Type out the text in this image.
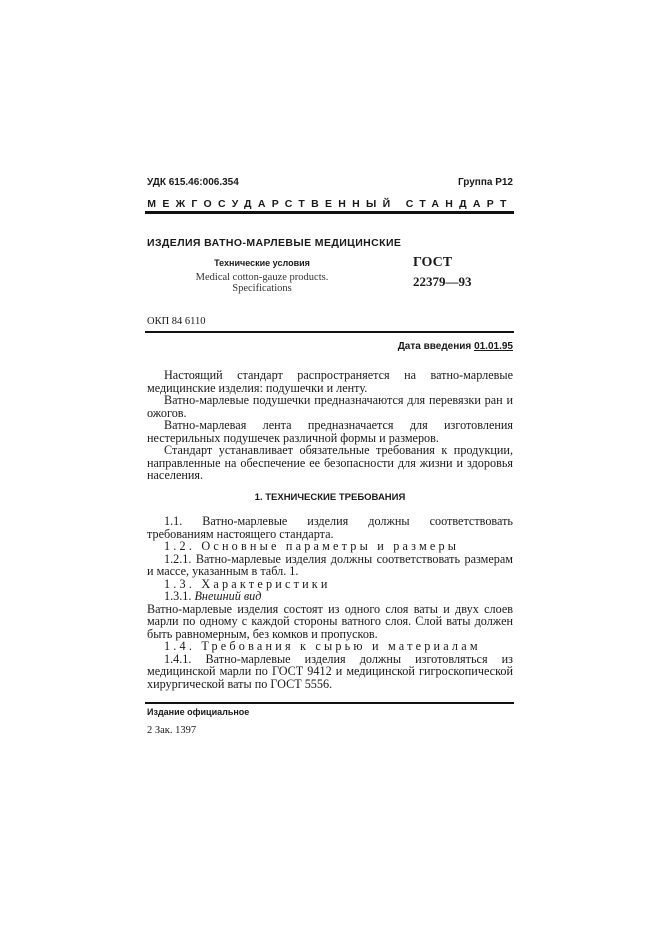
УДК 615.46:006.354	Группа Р12
МЕЖГОСУДАРСТВЕННЫЙ СТАНДАРТ
ИЗДЕЛИЯ ВАТНО-МАРЛЕВЫЕ МЕДИЦИНСКИЕ
Технические условия
Medical cotton-gauze products.
Specifications
ГОСТ
22379—93
ОКП 84 6110
Дата введения 01.01.95

Настоящий стандарт распространяется на ватно-марлевые медицинские изделия: подушечки и ленту.

Ватно-марлевые подушечки предназначаются для перевязки ран и ожогов.

Ватно-марлевая лента предназначается для изготовления нестерильных подушечек различной формы и размеров.

Стандарт устанавливает обязательные требования к продукции, направленные на обеспечение ее безопасности для жизни и здоровья населения.

1. ТЕХНИЧЕСКИЕ ТРЕБОВАНИЯ

1.1. Ватно-марлевые изделия должны соответствовать требованиям настоящего стандарта.

1.2. Основные параметры и размеры

1.2.1. Ватно-марлевые изделия должны соответствовать размерам и массе, указанным в табл. 1.

1.3. Характеристики

1.3.1. Внешний вид

Ватно-марлевые изделия состоят из одного слоя ваты и двух слоев марли по одному с каждой стороны ватного слоя. Слой ваты должен быть равномерным, без комков и пропусков.

1.4. Требования к сырью и материалам

1.4.1. Ватно-марлевые изделия должны изготовляться из медицинской марли по ГОСТ 9412 и медицинской гигроскопической хирургической ваты по ГОСТ 5556.

Издание официальное
2 Зак. 1397
